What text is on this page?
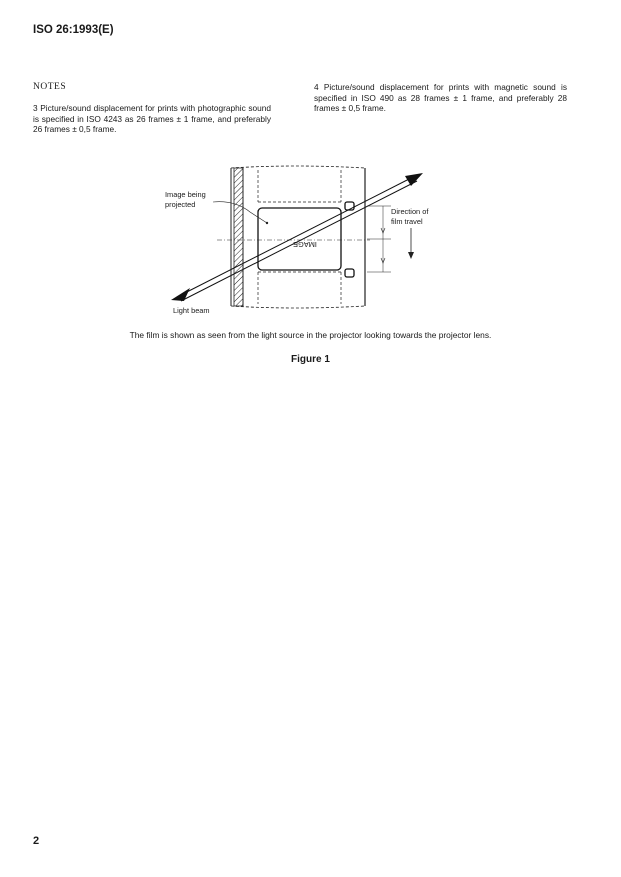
ISO 26:1993(E)
NOTES
3 Picture/sound displacement for prints with photographic sound is specified in ISO 4243 as 26 frames ± 1 frame, and preferably 26 frames ± 0,5 frame.
4 Picture/sound displacement for prints with magnetic sound is specified in ISO 490 as 28 frames ± 1 frame, and preferably 28 frames ± 0,5 frame.
IMAGE
Image being
projected
Direction of
film travel
Light beam
The film is shown as seen from the light source in the projector looking towards the projector lens.
Figure 1
2
